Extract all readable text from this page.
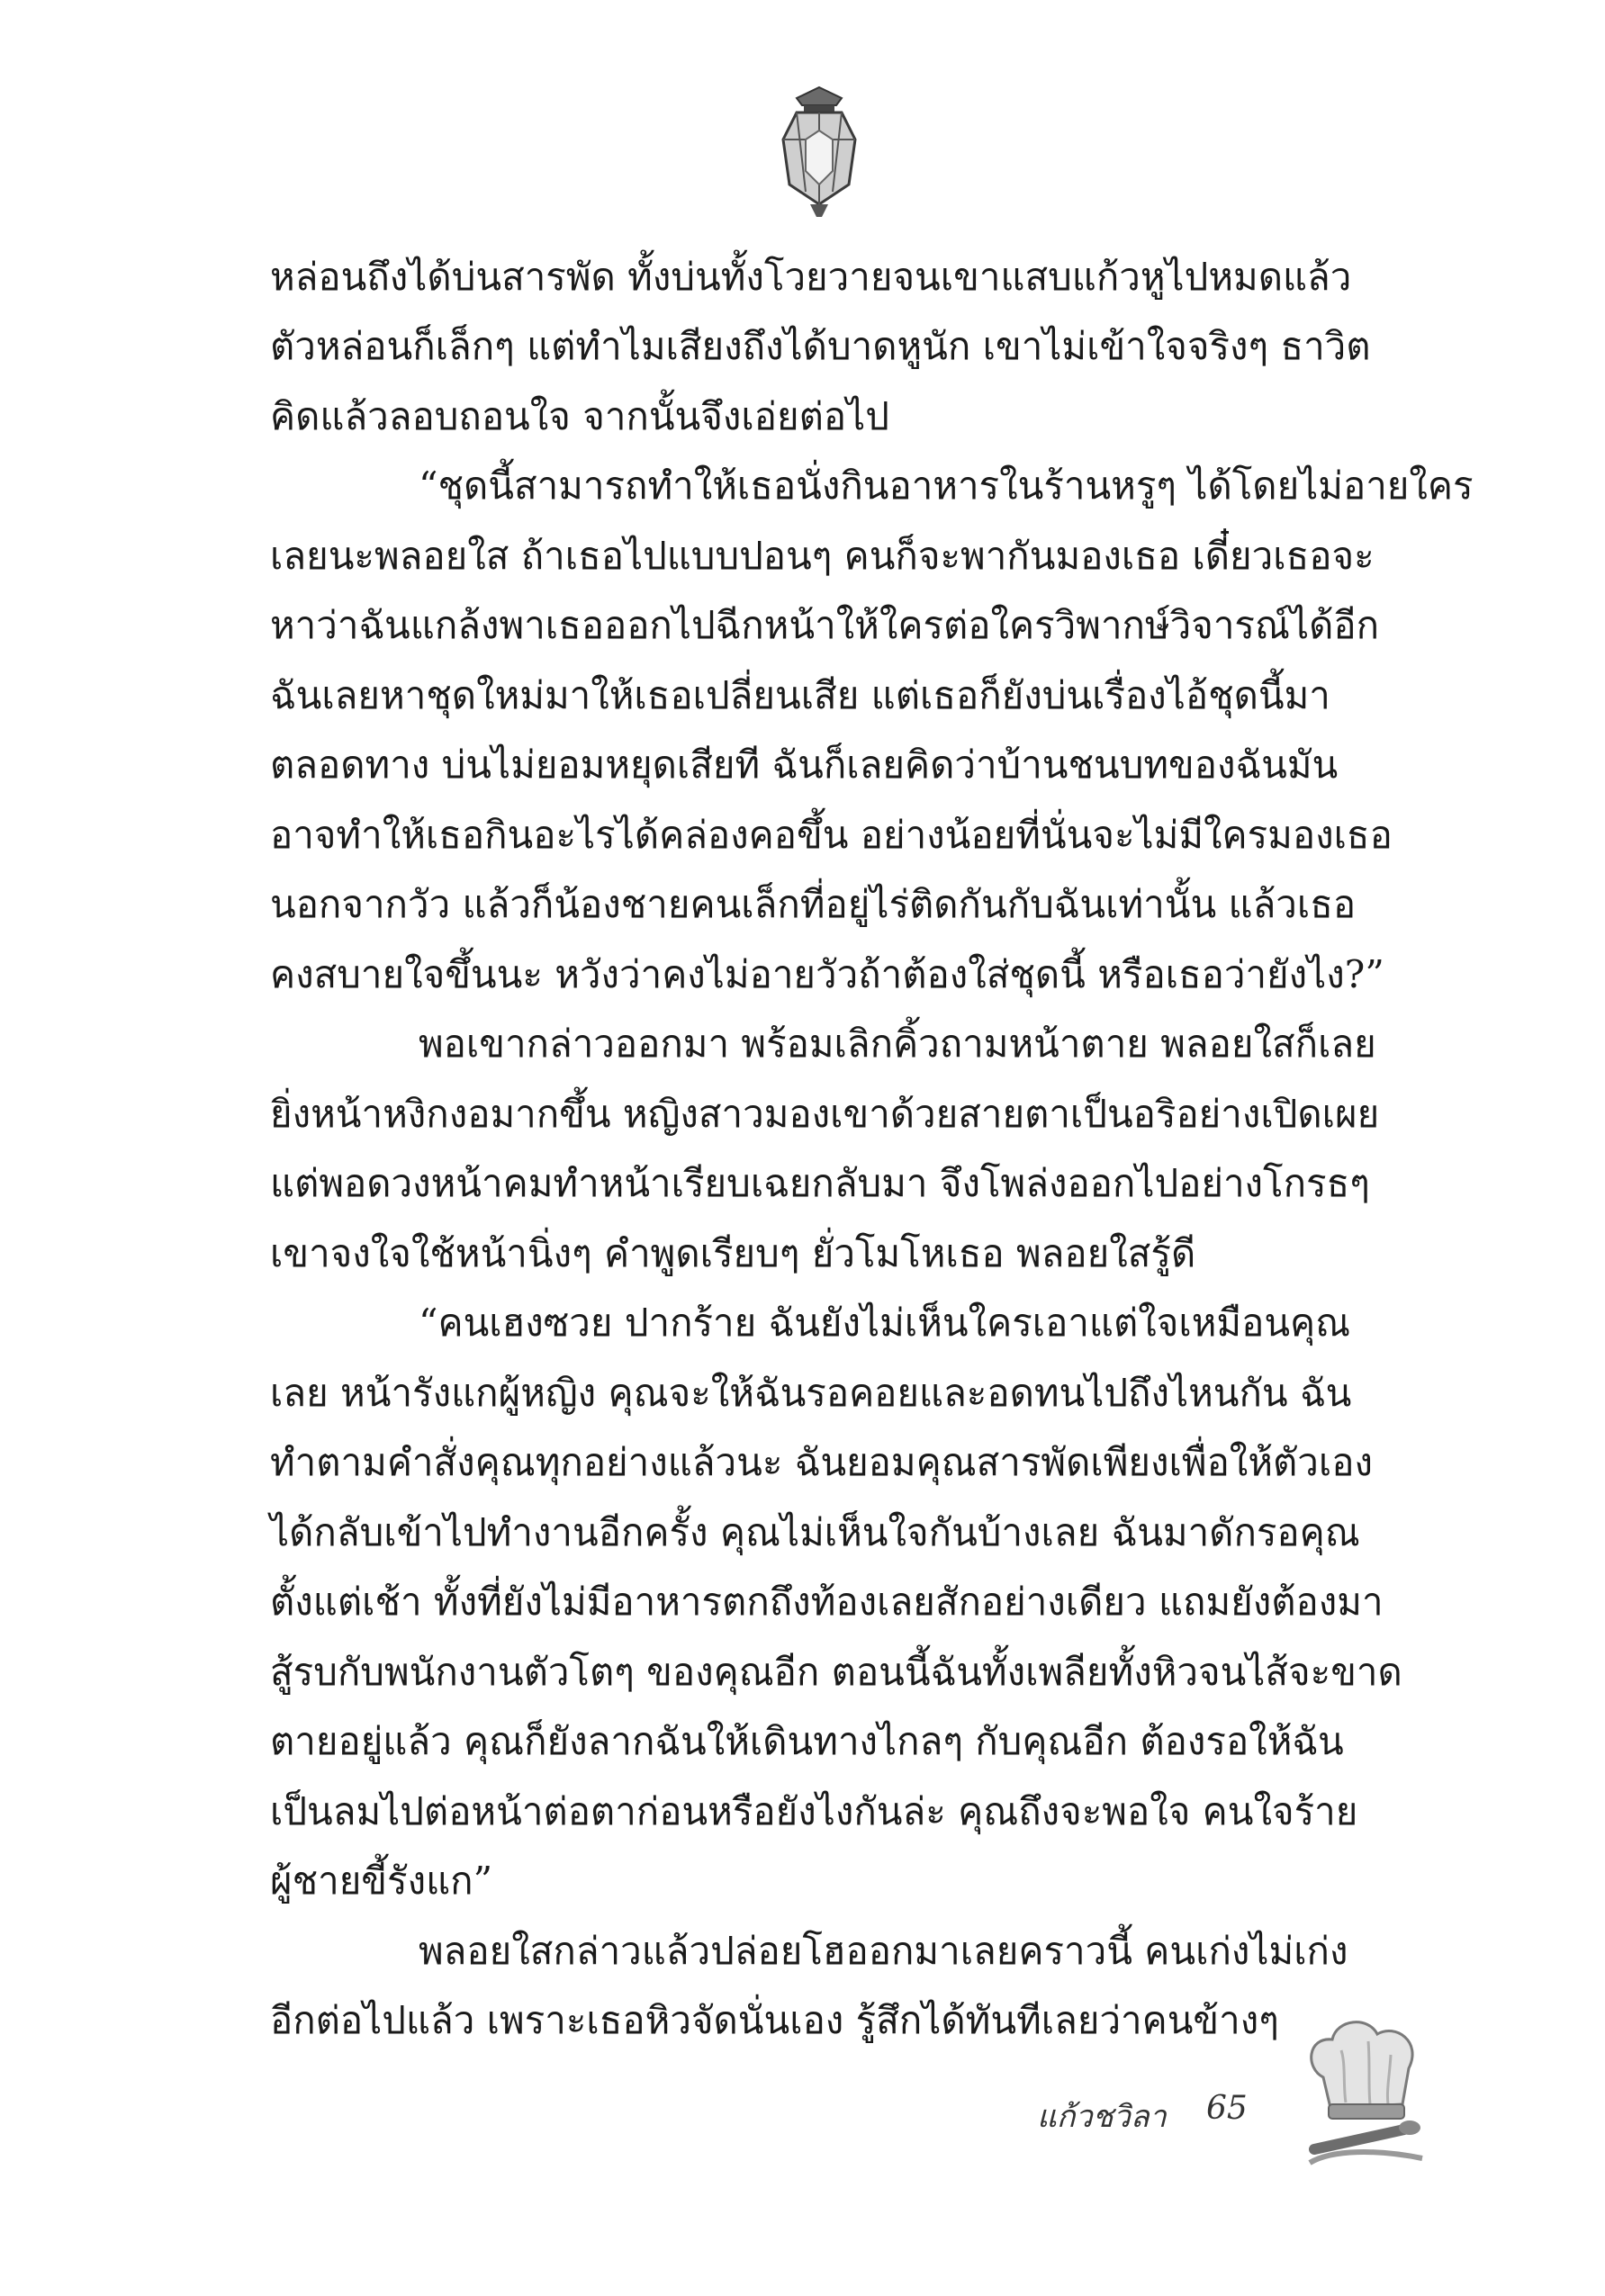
หล่อนถึงได้บ่นสารพัด ทั้งบ่นทั้งโวยวายจนเขาแสบแก้วหูไปหมดแล้ว
ตัวหล่อนก็เล็กๆ แต่ทำไมเสียงถึงได้บาดหูนัก เขาไม่เข้าใจจริงๆ ธาวิต
คิดแล้วลอบถอนใจ จากนั้นจึงเอ่ยต่อไป
“ชุดนี้สามารถทำให้เธอนั่งกินอาหารในร้านหรูๆ ได้โดยไม่อายใคร
เลยนะพลอยใส ถ้าเธอไปแบบปอนๆ คนก็จะพากันมองเธอ เดี๋ยวเธอจะ
หาว่าฉันแกล้งพาเธอออกไปฉีกหน้าให้ใครต่อใครวิพากษ์วิจารณ์ได้อีก
ฉันเลยหาชุดใหม่มาให้เธอเปลี่ยนเสีย แต่เธอก็ยังบ่นเรื่องไอ้ชุดนี้มา
ตลอดทาง บ่นไม่ยอมหยุดเสียที ฉันก็เลยคิดว่าบ้านชนบทของฉันมัน
อาจทำให้เธอกินอะไรได้คล่องคอขึ้น อย่างน้อยที่นั่นจะไม่มีใครมองเธอ
นอกจากวัว แล้วก็น้องชายคนเล็กที่อยู่ไร่ติดกันกับฉันเท่านั้น แล้วเธอ
คงสบายใจขึ้นนะ หวังว่าคงไม่อายวัวถ้าต้องใส่ชุดนี้ หรือเธอว่ายังไง?”
พอเขากล่าวออกมา พร้อมเลิกคิ้วถามหน้าตาย พลอยใสก็เลย
ยิ่งหน้าหงิกงอมากขึ้น หญิงสาวมองเขาด้วยสายตาเป็นอริอย่างเปิดเผย
แต่พอดวงหน้าคมทำหน้าเรียบเฉยกลับมา จึงโพล่งออกไปอย่างโกรธๆ
เขาจงใจใช้หน้านิ่งๆ คำพูดเรียบๆ ยั่วโมโหเธอ พลอยใสรู้ดี
“คนเฮงซวย ปากร้าย ฉันยังไม่เห็นใครเอาแต่ใจเหมือนคุณ
เลย หน้ารังแกผู้หญิง คุณจะให้ฉันรอคอยและอดทนไปถึงไหนกัน ฉัน
ทำตามคำสั่งคุณทุกอย่างแล้วนะ ฉันยอมคุณสารพัดเพียงเพื่อให้ตัวเอง
ได้กลับเข้าไปทำงานอีกครั้ง คุณไม่เห็นใจกันบ้างเลย ฉันมาดักรอคุณ
ตั้งแต่เช้า ทั้งที่ยังไม่มีอาหารตกถึงท้องเลยสักอย่างเดียว แถมยังต้องมา
สู้รบกับพนักงานตัวโตๆ ของคุณอีก ตอนนี้ฉันทั้งเพลียทั้งหิวจนไส้จะขาด
ตายอยู่แล้ว คุณก็ยังลากฉันให้เดินทางไกลๆ กับคุณอีก ต้องรอให้ฉัน
เป็นลมไปต่อหน้าต่อตาก่อนหรือยังไงกันล่ะ คุณถึงจะพอใจ คนใจร้าย
ผู้ชายขี้รังแก”
พลอยใสกล่าวแล้วปล่อยโฮออกมาเลยคราวนี้ คนเก่งไม่เก่ง
อีกต่อไปแล้ว เพราะเธอหิวจัดนั่นเอง รู้สึกได้ทันทีเลยว่าคนข้างๆ
แก้วชวิลา 65
